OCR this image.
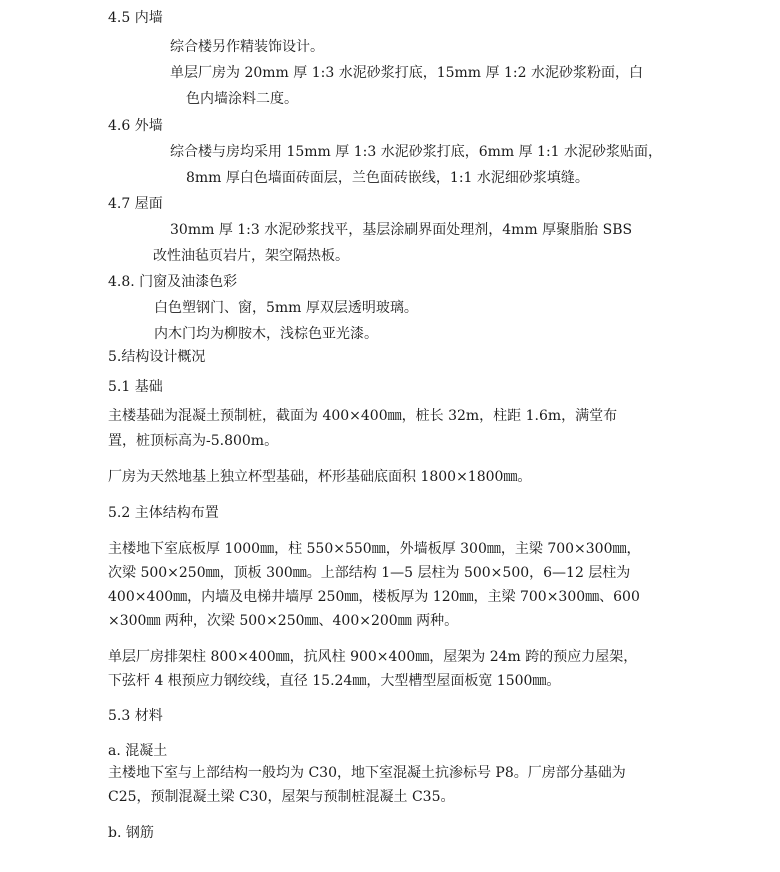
4.5 内墙
综合楼另作精装饰设计。
单层厂房为 20mm 厚 1:3 水泥砂浆打底，15mm 厚 1:2 水泥砂浆粉面，白
色内墙涂料二度。
4.6 外墙
综合楼与房均采用 15mm 厚 1:3 水泥砂浆打底，6mm 厚 1:1 水泥砂浆贴面，
8mm 厚白色墙面砖面层，兰色面砖嵌线，1:1 水泥细砂浆填缝。
4.7 屋面
30mm 厚 1:3 水泥砂浆找平，基层涂刷界面处理剂，4mm 厚聚脂胎 SBS
改性油毡页岩片，架空隔热板。
4.8. 门窗及油漆色彩
白色塑钢门、窗，5mm 厚双层透明玻璃。
内木门均为柳胺木，浅棕色亚光漆。
5.结构设计概况
5.1 基础
主楼基础为混凝土预制桩，截面为 400×400㎜，桩长 32m，柱距 1.6m，满堂布
置，桩顶标高为-5.800m。
厂房为天然地基上独立杯型基础，杯形基础底面积 1800×1800㎜。
5.2 主体结构布置
主楼地下室底板厚 1000㎜，柱 550×550㎜，外墙板厚 300㎜，主梁 700×300㎜，
次梁 500×250㎜，顶板 300㎜。上部结构 1—5 层柱为 500×500，6—12 层柱为
400×400㎜，内墙及电梯井墙厚 250㎜，楼板厚为 120㎜，主梁 700×300㎜、600
×300㎜ 两种，次梁 500×250㎜、400×200㎜ 两种。
单层厂房排架柱 800×400㎜，抗风柱 900×400㎜，屋架为 24m 跨的预应力屋架，
下弦杆 4 根预应力钢绞线，直径 15.24㎜，大型槽型屋面板宽 1500㎜。
5.3 材料
a. 混凝土
主楼地下室与上部结构一般均为 C30，地下室混凝土抗渗标号 P8。厂房部分基础为
C25，预制混凝土梁 C30，屋架与预制桩混凝土 C35。
b. 钢筋
